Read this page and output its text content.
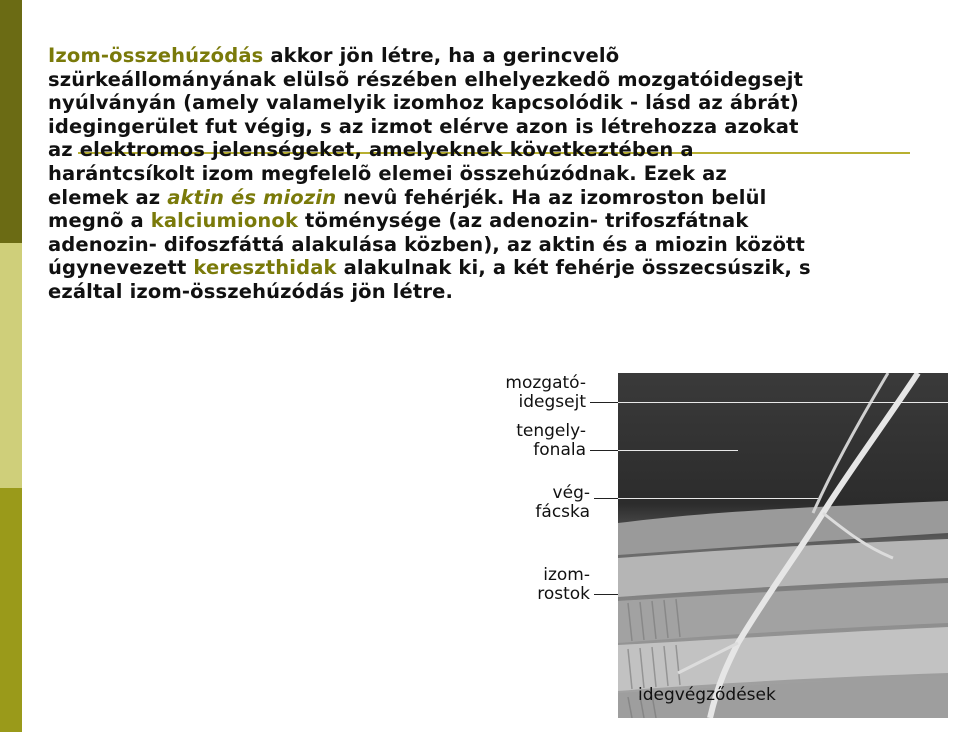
Izom-összehúzódás akkor jön létre, ha a gerincvelõ
szürkeállományának elülsõ részében elhelyezkedõ mozgatóidegsejt
nyúlványán (amely valamelyik izomhoz kapcsolódik - lásd az ábrát)
idegingerület fut végig, s az izmot elérve azon is létrehozza azokat
az elektromos jelenségeket, amelyeknek következtében a
harántcsíkolt izom megfelelõ elemei összehúzódnak. Ezek az
elemek az aktin és miozin nevû fehérjék. Ha az izomroston belül
megnõ a kalciumionok töménysége (az adenozin- trifoszfátnak
adenozin- difoszfáttá alakulása közben), az aktin és a miozin között
úgynevezett kereszthidak alakulnak ki, a két fehérje összecsúszik, s
ezáltal izom-összehúzódás jön létre.
mozgató-
idegsejt
tengely-
fonala
vég-
fácska
izom-
rostok
idegvégződések
